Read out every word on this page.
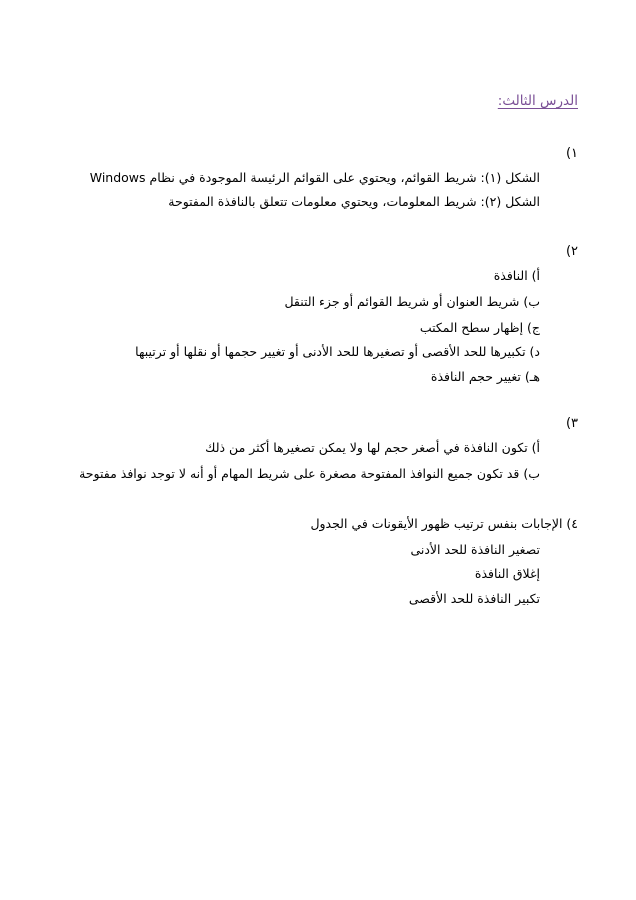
الدرس الثالث:
١)
الشكل (١): شريط القوائم، ويحتوي على القوائم الرئيسة الموجودة في نظام Windows
الشكل (٢): شريط المعلومات، ويحتوي معلومات تتعلق بالنافذة المفتوحة
٢)
أ) النافذة
ب) شريط العنوان أو شريط القوائم أو جزء التنقل
ج) إظهار سطح المكتب
د) تكبيرها للحد الأقصى أو تصغيرها للحد الأدنى أو تغيير حجمها أو نقلها أو ترتيبها
هـ) تغيير حجم النافذة
٣)
أ) تكون النافذة في أصغر حجم لها ولا يمكن تصغيرها أكثر من ذلك
ب) قد تكون جميع النوافذ المفتوحة مصغرة على شريط المهام أو أنه لا توجد نوافذ مفتوحة
٤) الإجابات بنفس ترتيب ظهور الأيقونات في الجدول
تصغير النافذة للحد الأدنى
إغلاق النافذة
تكبير النافذة للحد الأقصى
